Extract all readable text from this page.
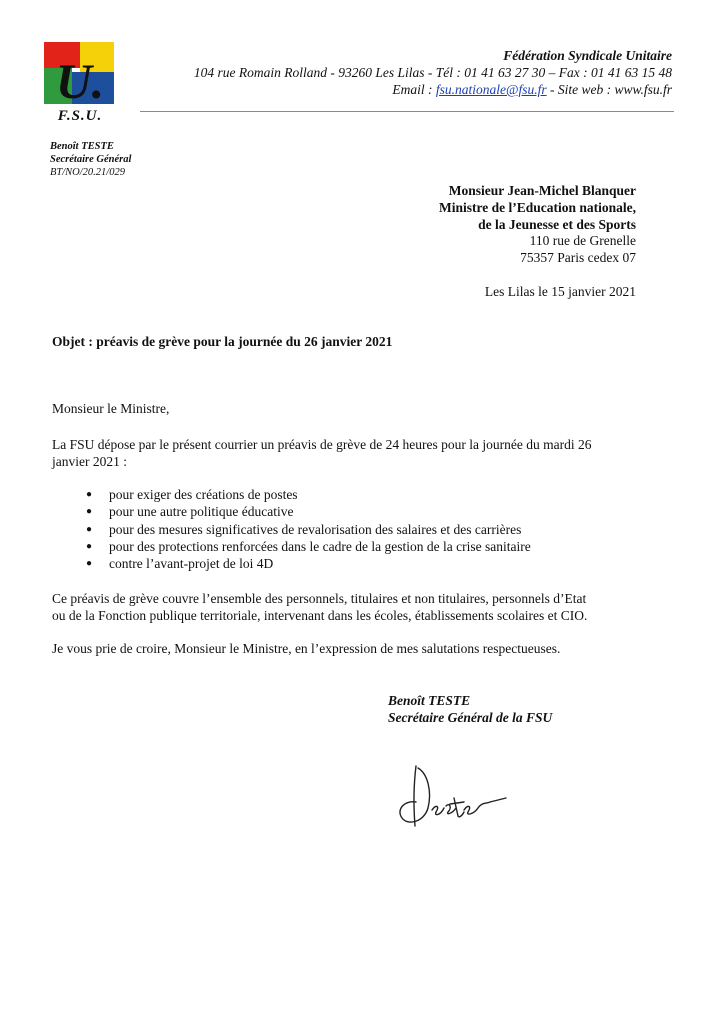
U.
F.S.U.
Fédération Syndicale Unitaire
104 rue Romain Rolland - 93260 Les Lilas - Tél : 01 41 63 27 30 – Fax : 01 41 63 15 48
Email : fsu.nationale@fsu.fr - Site web : www.fsu.fr
Benoît TESTE
Secrétaire Général
BT/NO/20.21/029
Monsieur Jean-Michel Blanquer
Ministre de l’Education nationale,
de la Jeunesse et des Sports
110 rue de Grenelle
75357 Paris cedex 07
Les Lilas le 15 janvier 2021
Objet : préavis de grève pour la journée du 26 janvier 2021
Monsieur le Ministre,
La FSU dépose par le présent courrier un préavis de grève de 24 heures pour la journée du mardi 26
janvier 2021 :
● pour exiger des créations de postes
● pour une autre politique éducative
● pour des mesures significatives de revalorisation des salaires et des carrières
● pour des protections renforcées dans le cadre de la gestion de la crise sanitaire
● contre l’avant-projet de loi 4D
Ce préavis de grève couvre l’ensemble des personnels, titulaires et non titulaires, personnels d’Etat
ou de la Fonction publique territoriale, intervenant dans les écoles, établissements scolaires et CIO.
Je vous prie de croire, Monsieur le Ministre, en l’expression de mes salutations respectueuses.
Benoît TESTE
Secrétaire Général de la FSU
